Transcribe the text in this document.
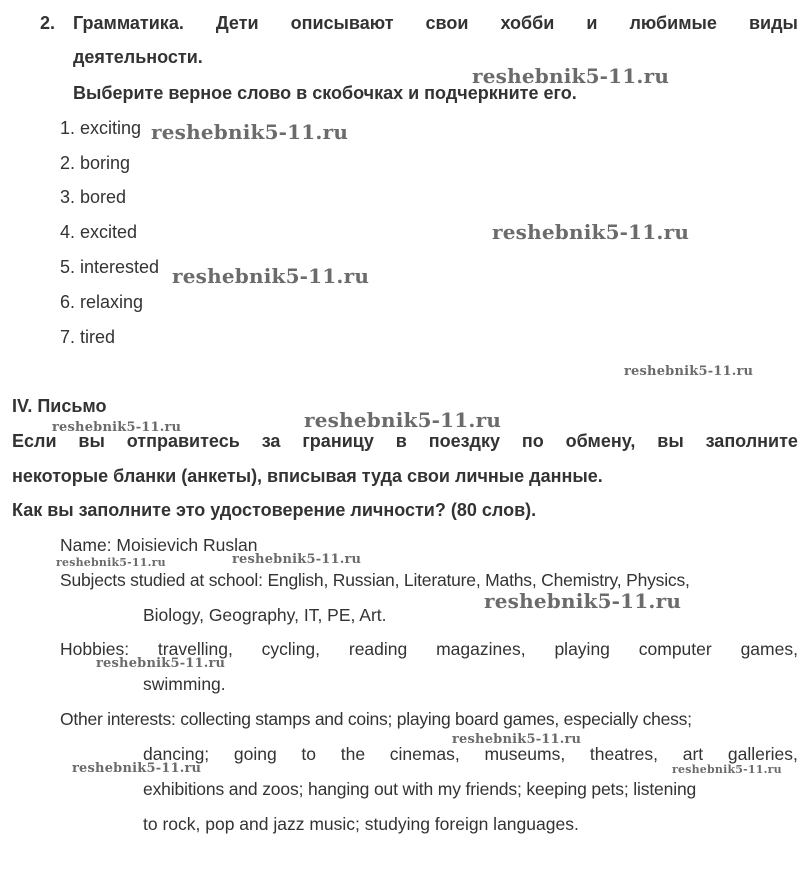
2. Грамматика. Дети описывают свои хобби и любимые виды
деятельности.
Выберите верное слово в скобочках и подчеркните его.
1. exciting
2. boring
3. bored
4. excited
5. interested
6. relaxing
7. tired
IV. Письмо
Если вы отправитесь за границу в поездку по обмену, вы заполните
некоторые бланки (анкеты), вписывая туда свои личные данные.
Как вы заполните это удостоверение личности? (80 слов).
Name: Moisievich Ruslan
Subjects studied at school: English, Russian, Literature, Maths, Chemistry, Physics,
Biology, Geography, IT, PE, Art.
Hobbies: travelling, cycling, reading magazines, playing computer games,
swimming.
Other interests: collecting stamps and coins; playing board games, especially chess;
dancing; going to the cinemas, museums, theatres, art galleries,
exhibitions and zoos; hanging out with my friends; keeping pets; listening
to rock, pop and jazz music; studying foreign languages.
reshebnik5-11.ru
reshebnik5-11.ru
reshebnik5-11.ru
reshebnik5-11.ru
reshebnik5-11.ru
reshebnik5-11.ru
reshebnik5-11.ru
reshebnik5-11.ru	reshebnik5-11.ru
reshebnik5-11.ru
reshebnik5-11.ru
reshebnik5-11.ru
reshebnik5-11.ru	reshebnik5-11.ru
